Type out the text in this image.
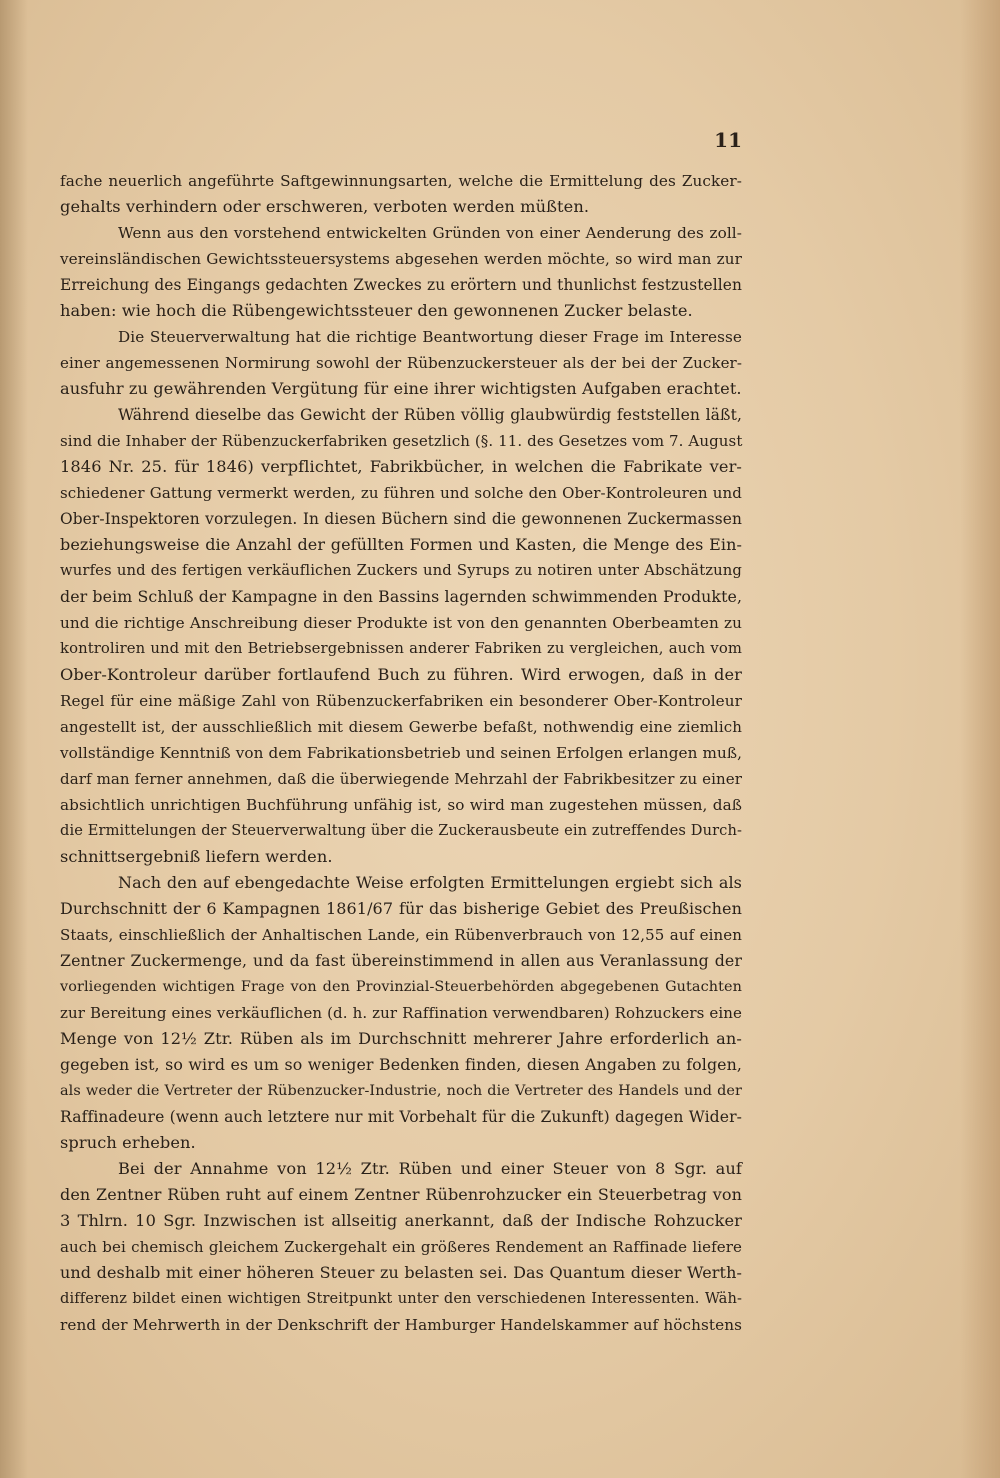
11
fache neuerlich angeführte Saftgewinnungsarten, welche die Ermittelung des Zucker-
gehalts verhindern oder erschweren, verboten werden müßten.
Wenn aus den vorstehend entwickelten Gründen von einer Aenderung des zoll-
vereinsländischen Gewichtssteuersystems abgesehen werden möchte, so wird man zur
Erreichung des Eingangs gedachten Zweckes zu erörtern und thunlichst festzustellen
haben: wie hoch die Rübengewichtssteuer den gewonnenen Zucker belaste.
Die Steuerverwaltung hat die richtige Beantwortung dieser Frage im Interesse
einer angemessenen Normirung sowohl der Rübenzuckersteuer als der bei der Zucker-
ausfuhr zu gewährenden Vergütung für eine ihrer wichtigsten Aufgaben erachtet.
Während dieselbe das Gewicht der Rüben völlig glaubwürdig feststellen läßt,
sind die Inhaber der Rübenzuckerfabriken gesetzlich (§. 11. des Gesetzes vom 7. August
1846 Nr. 25. für 1846) verpflichtet, Fabrikbücher, in welchen die Fabrikate ver-
schiedener Gattung vermerkt werden, zu führen und solche den Ober-Kontroleuren und
Ober-Inspektoren vorzulegen. In diesen Büchern sind die gewonnenen Zuckermassen
beziehungsweise die Anzahl der gefüllten Formen und Kasten, die Menge des Ein-
wurfes und des fertigen verkäuflichen Zuckers und Syrups zu notiren unter Abschätzung
der beim Schluß der Kampagne in den Bassins lagernden schwimmenden Produkte,
und die richtige Anschreibung dieser Produkte ist von den genannten Oberbeamten zu
kontroliren und mit den Betriebsergebnissen anderer Fabriken zu vergleichen, auch vom
Ober-Kontroleur darüber fortlaufend Buch zu führen. Wird erwogen, daß in der
Regel für eine mäßige Zahl von Rübenzuckerfabriken ein besonderer Ober-Kontroleur
angestellt ist, der ausschließlich mit diesem Gewerbe befaßt, nothwendig eine ziemlich
vollständige Kenntniß von dem Fabrikationsbetrieb und seinen Erfolgen erlangen muß,
darf man ferner annehmen, daß die überwiegende Mehrzahl der Fabrikbesitzer zu einer
absichtlich unrichtigen Buchführung unfähig ist, so wird man zugestehen müssen, daß
die Ermittelungen der Steuerverwaltung über die Zuckerausbeute ein zutreffendes Durch-
schnittsergebniß liefern werden.
Nach den auf ebengedachte Weise erfolgten Ermittelungen ergiebt sich als
Durchschnitt der 6 Kampagnen 1861/67 für das bisherige Gebiet des Preußischen
Staats, einschließlich der Anhaltischen Lande, ein Rübenverbrauch von 12,55 auf einen
Zentner Zuckermenge, und da fast übereinstimmend in allen aus Veranlassung der
vorliegenden wichtigen Frage von den Provinzial-Steuerbehörden abgegebenen Gutachten
zur Bereitung eines verkäuflichen (d. h. zur Raffination verwendbaren) Rohzuckers eine
Menge von 12½ Ztr. Rüben als im Durchschnitt mehrerer Jahre erforderlich an-
gegeben ist, so wird es um so weniger Bedenken finden, diesen Angaben zu folgen,
als weder die Vertreter der Rübenzucker-Industrie, noch die Vertreter des Handels und der
Raffinadeure (wenn auch letztere nur mit Vorbehalt für die Zukunft) dagegen Wider-
spruch erheben.
Bei der Annahme von 12½ Ztr. Rüben und einer Steuer von 8 Sgr. auf
den Zentner Rüben ruht auf einem Zentner Rübenrohzucker ein Steuerbetrag von
3 Thlrn. 10 Sgr. Inzwischen ist allseitig anerkannt, daß der Indische Rohzucker
auch bei chemisch gleichem Zuckergehalt ein größeres Rendement an Raffinade liefere
und deshalb mit einer höheren Steuer zu belasten sei. Das Quantum dieser Werth-
differenz bildet einen wichtigen Streitpunkt unter den verschiedenen Interessenten. Wäh-
rend der Mehrwerth in der Denkschrift der Hamburger Handelskammer auf höchstens
